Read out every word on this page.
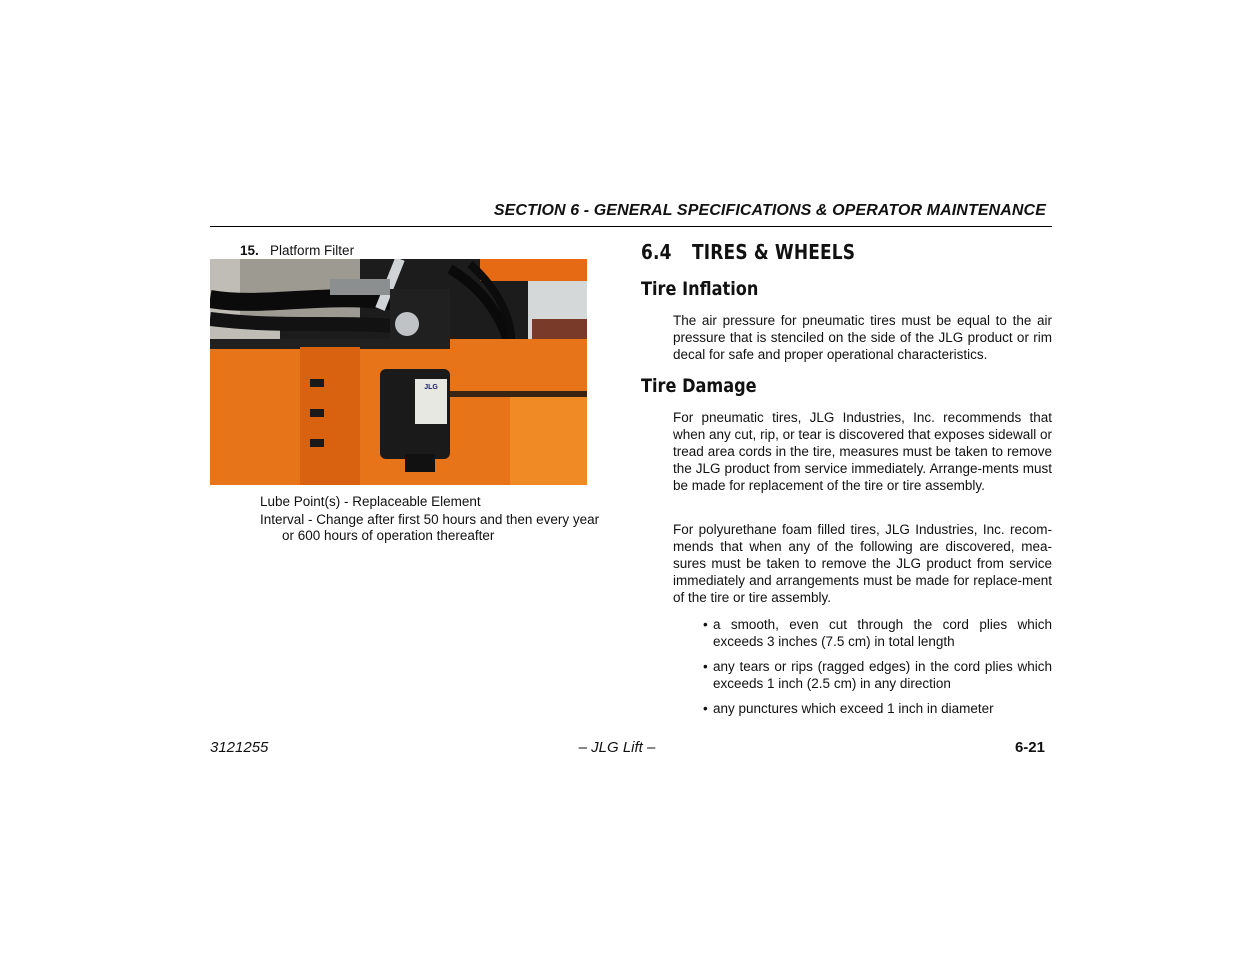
SECTION 6 - GENERAL SPECIFICATIONS & OPERATOR MAINTENANCE
15. Platform Filter
JLG
Lube Point(s) - Replaceable Element
Interval - Change after first 50 hours and then every year
or 600 hours of operation thereafter
6.4 TIRES & WHEELS
Tire Inflation
The air pressure for pneumatic tires must be equal to the air pressure that is stenciled on the side of the JLG product or rim decal for safe and proper operational characteristics.
Tire Damage
For pneumatic tires, JLG Industries, Inc. recommends that when any cut, rip, or tear is discovered that exposes sidewall or tread area cords in the tire, measures must be taken to remove the JLG product from service immediately. Arrange-ments must be made for replacement of the tire or tire assembly.
For polyurethane foam filled tires, JLG Industries, Inc. recom-mends that when any of the following are discovered, mea-sures must be taken to remove the JLG product from service immediately and arrangements must be made for replace-ment of the tire or tire assembly.
• a smooth, even cut through the cord plies which exceeds 3 inches (7.5 cm) in total length
• any tears or rips (ragged edges) in the cord plies which exceeds 1 inch (2.5 cm) in any direction
• any punctures which exceed 1 inch in diameter
3121255	– JLG Lift –	6-21
